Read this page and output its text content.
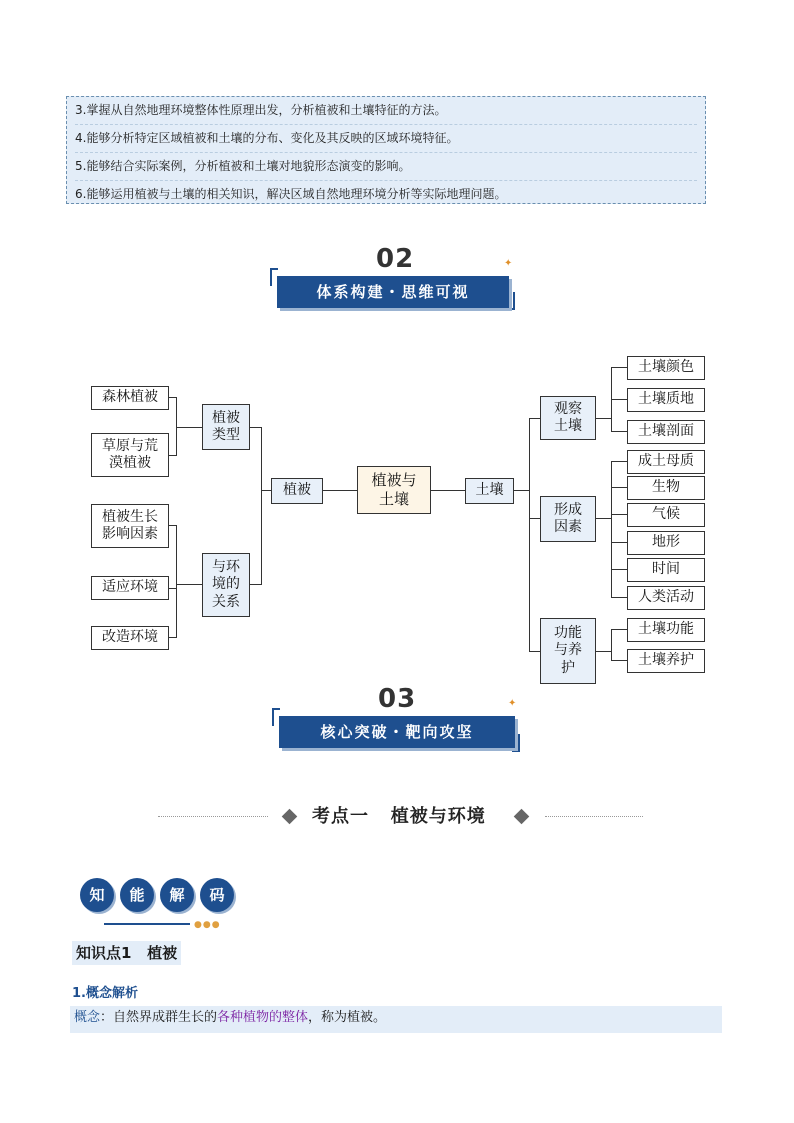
3.掌握从自然地理环境整体性原理出发，分析植被和土壤特征的方法。
4.能够分析特定区域植被和土壤的分布、变化及其反映的区域环境特征。
5.能够结合实际案例，分析植被和土壤对地貌形态演变的影响。
6.能够运用植被与土壤的相关知识，解决区域自然地理环境分析等实际地理问题。
02	✦
体系构建・思维可视
森林植被
草原与荒
漠植被
植被
类型
植被生长
影响因素
适应环境
改造环境
与环
境的
关系
植被
植被与
土壤	土壤
观察
土壤
土壤颜色
土壤质地
土壤剖面
形成
因素
成土母质
生物
气候
地形
时间
人类活动
功能
与养
护
土壤功能
土壤养护
03	✦
核心突破・靶向攻坚
考点一   植被与环境
知	能	解	码
●●●
知识点1   植被
1.概念解析
概念：自然界成群生长的各种植物的整体，称为植被。
